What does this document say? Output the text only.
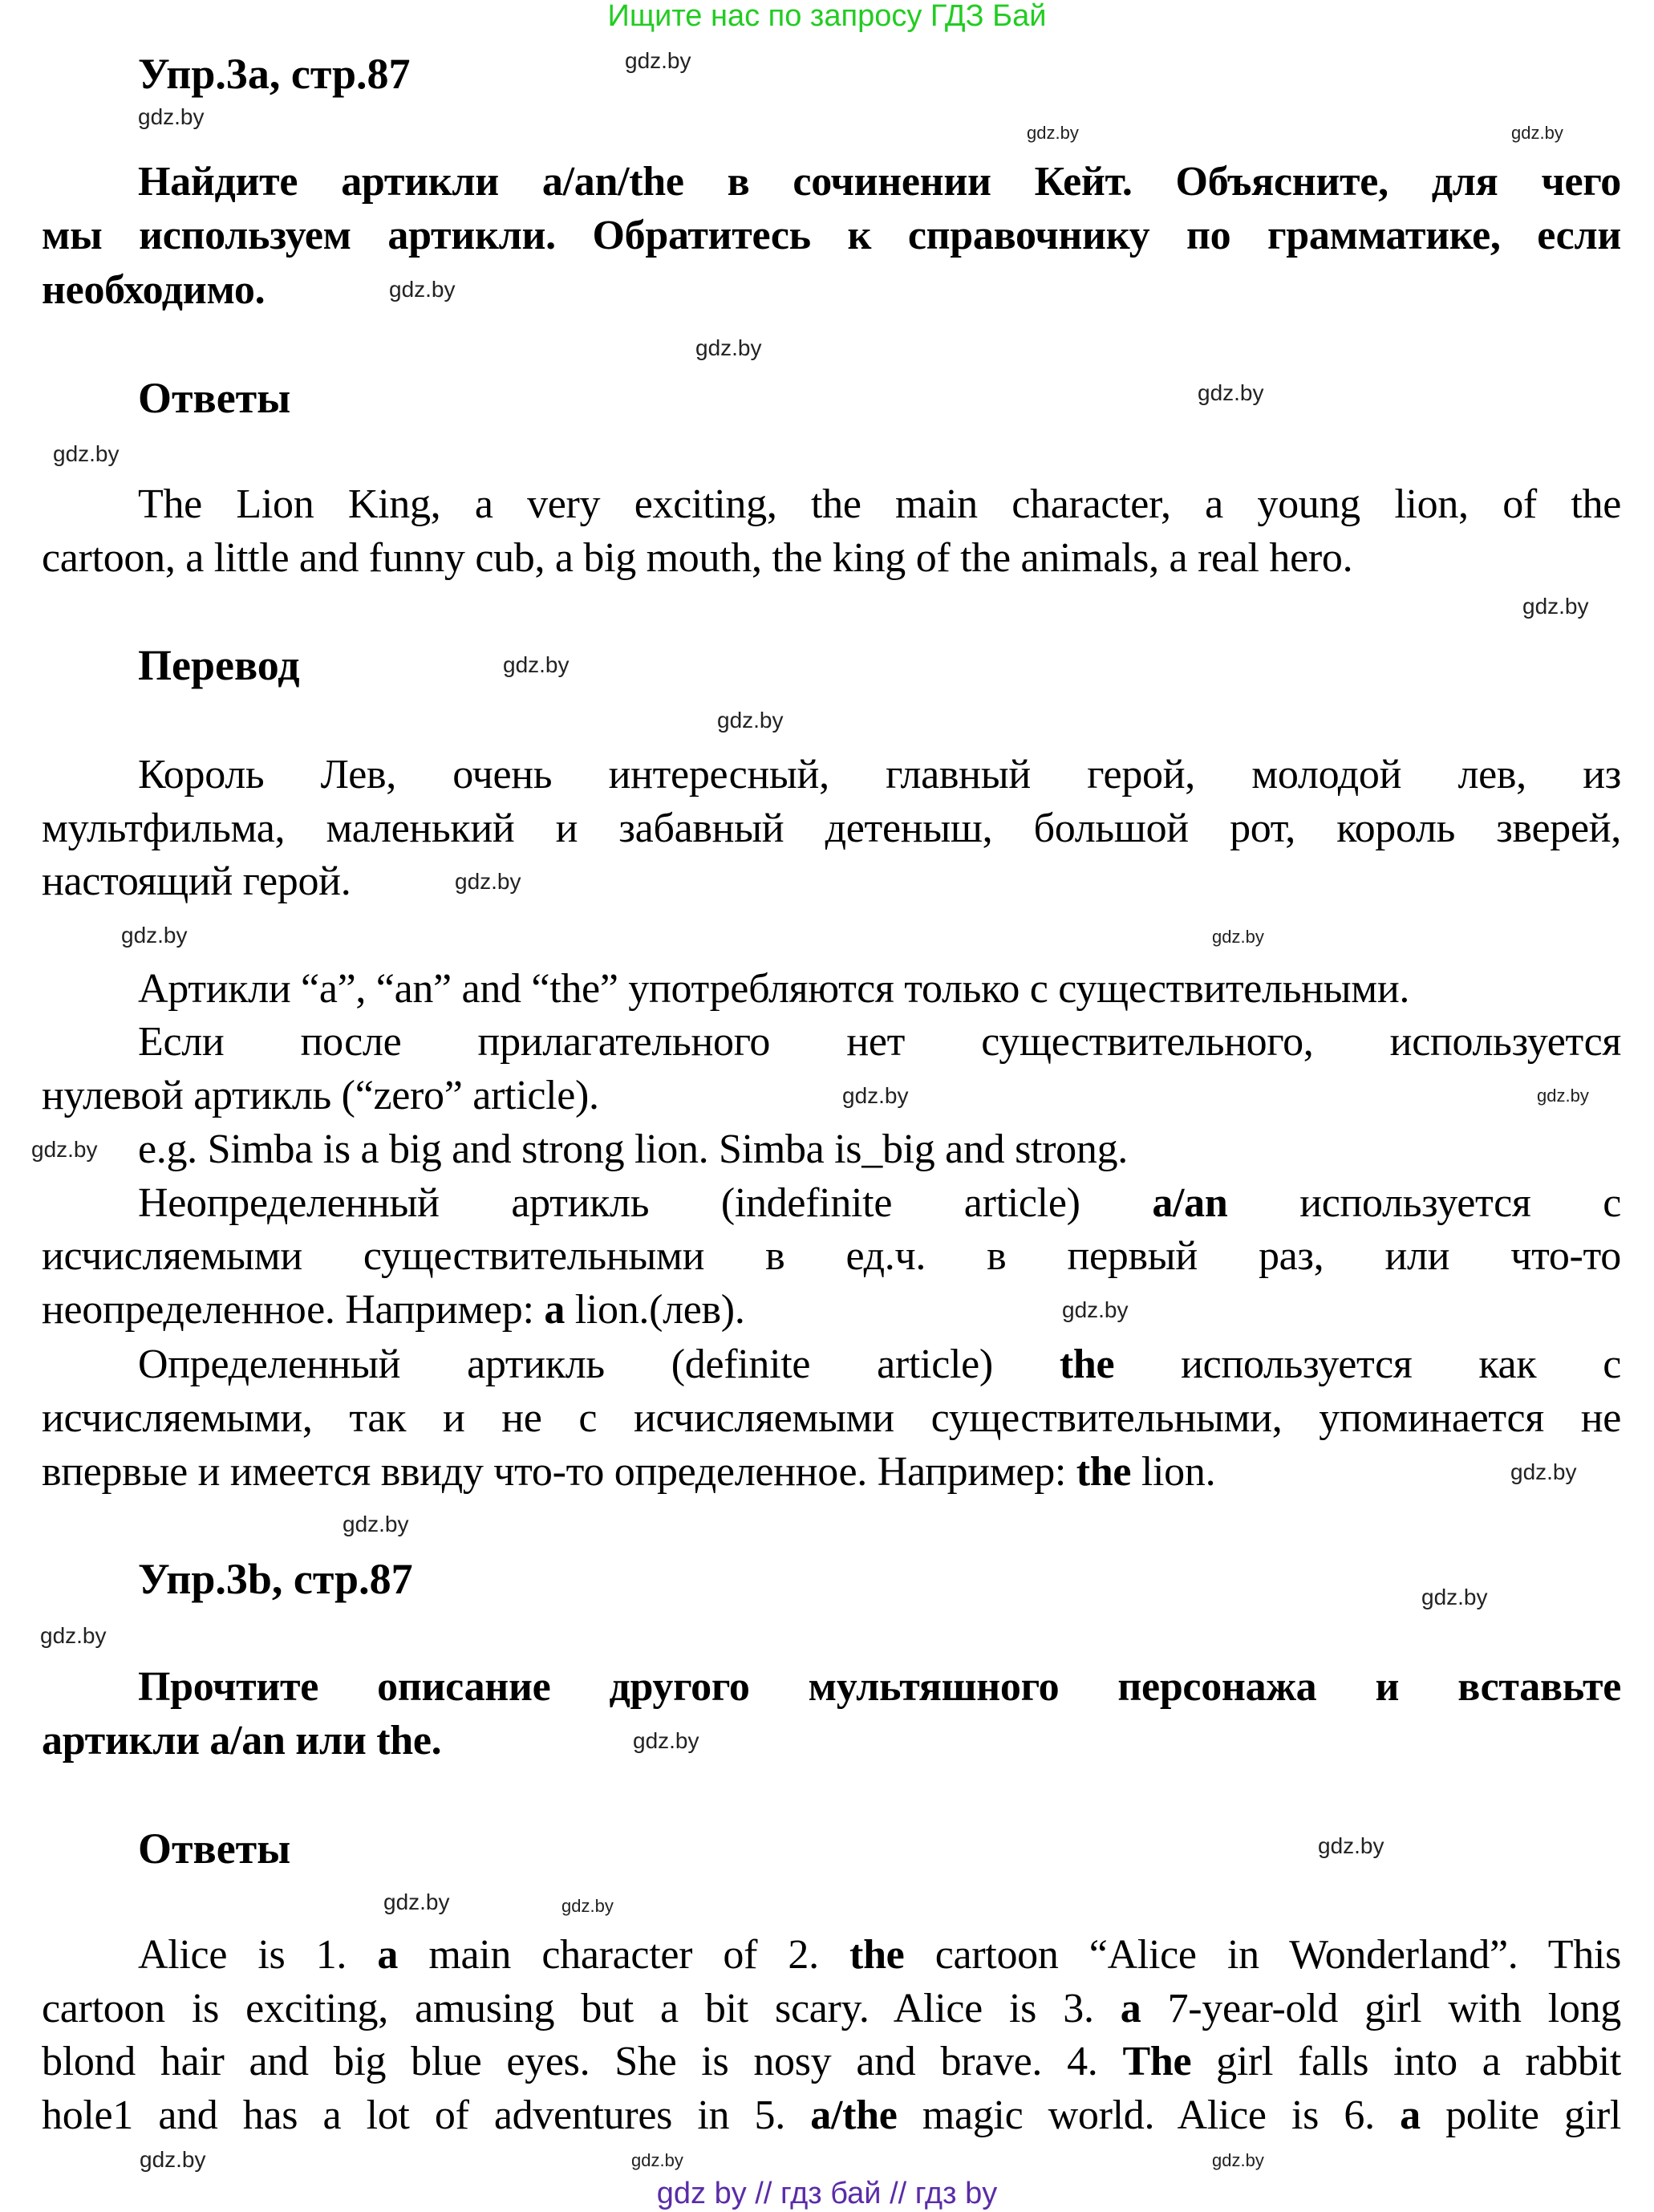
Ищите нас по запросу ГДЗ Бай
Упр.3а, стр.87
Найдите артикли a/an/the в сочинении Кейт. Объясните, для чего
мы используем артикли. Обратитесь к справочнику по грамматике, если
необходимо.
Ответы
The Lion King, a very exciting, the main character, a young lion, of the
cartoon, a little and funny cub, a big mouth, the king of the animals, a real hero.
Перевод
Король Лев, очень интересный, главный герой, молодой лев, из
мультфильма, маленький и забавный детеныш, большой рот, король зверей,
настоящий герой.
Артикли “a”, “an” and “the” употребляются только с существительными.
Если после прилагательного нет существительного, используется
нулевой артикль (“zero” article).
e.g. Simba is a big and strong lion. Simba is_big and strong.
Неопределенный артикль (indefinite article) a/an используется с
исчисляемыми существительными в ед.ч. в первый раз, или что-то
неопределенное. Например: a lion.(лев).
Определенный артикль (definite article) the используется как с
исчисляемыми, так и не с исчисляемыми существительными, упоминается не
впервые и имеется ввиду что-то определенное. Например: the lion.
Упр.3b, стр.87
Прочтите описание другого мультяшного персонажа и вставьте
артикли a/an или the.
Ответы
Alice is 1. a main character of 2. the cartoon “Alice in Wonderland”. This
cartoon is exciting, amusing but a bit scary. Alice is 3. a 7-year-old girl with long
blond hair and big blue eyes. She is nosy and brave. 4. The girl falls into a rabbit
hole1 and has a lot of adventures in 5. a/the magic world. Alice is 6. a polite girl
gdz by // гдз бай // гдз by
gdz.by
gdz.by
gdz.by
gdz.by
gdz.by
gdz.by
gdz.by
gdz.by
gdz.by
gdz.by
gdz.by
gdz.by
gdz.by	gdz.by
gdz.by
gdz.by
gdz.by
gdz.by
gdz.by
gdz.by
gdz.by
gdz.by
gdz.by
gdz.by
gdz.by
gdz.by
gdz.by
gdz.by
gdz.by
